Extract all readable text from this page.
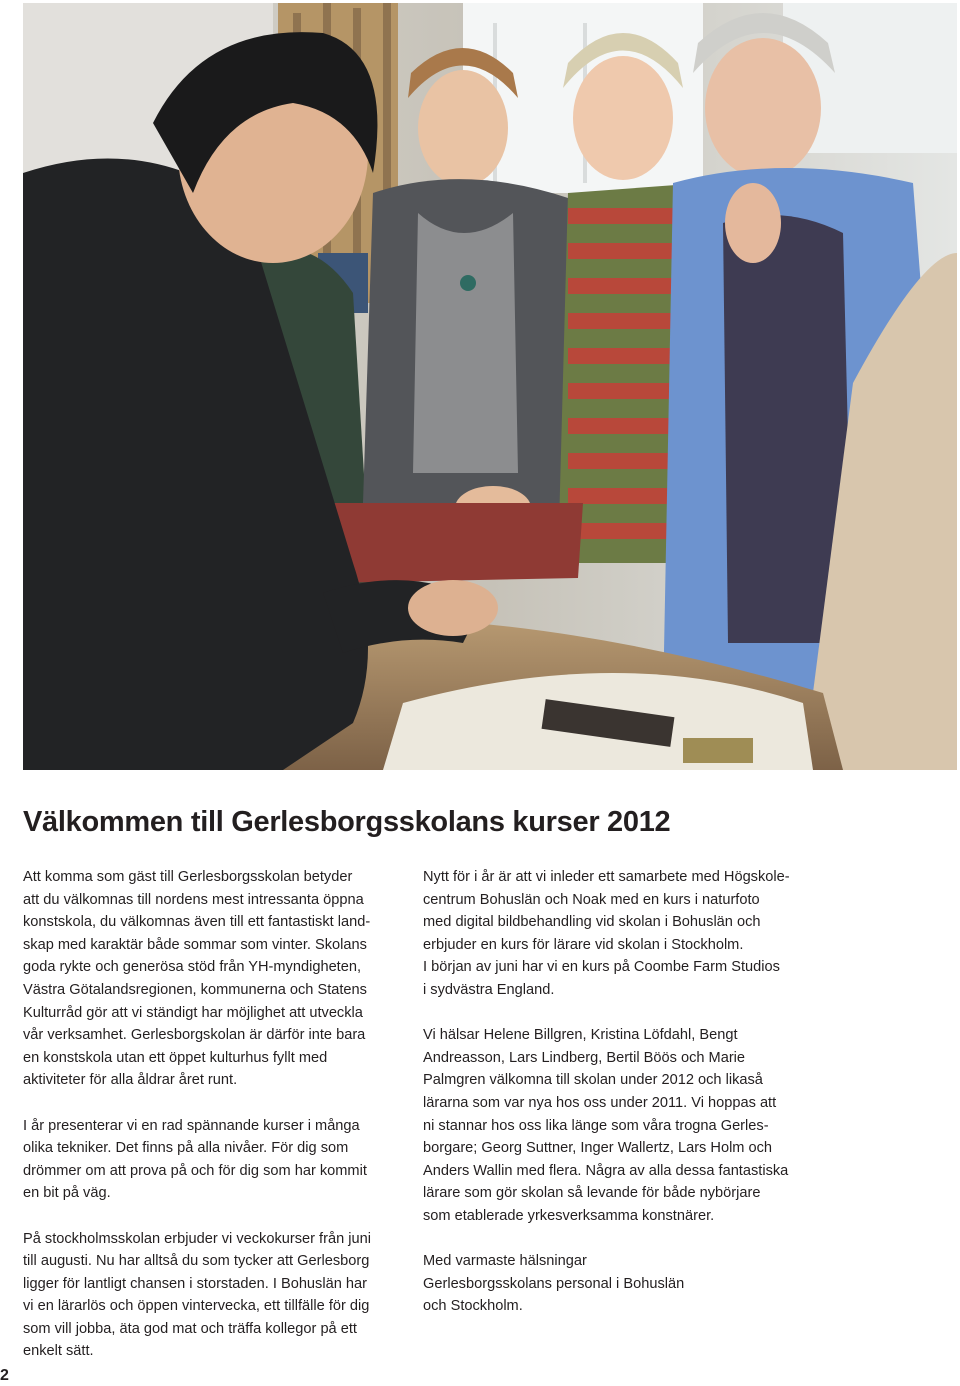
Välkommen till Gerlesborgsskolans kurser 2012

Att komma som gäst till Gerlesborgsskolan betyder
att du välkomnas till nordens mest intressanta öppna
konstskola, du välkomnas även till ett fantastiskt land-
skap med karaktär både sommar som vinter. Skolans
goda rykte och generösa stöd från YH-myndigheten,
Västra Götalandsregionen, kommunerna och Statens
Kulturråd gör att vi ständigt har möjlighet att utveckla
vår verksamhet. Gerlesborgskolan är därför inte bara
en konstskola utan ett öppet kulturhus fyllt med
aktiviteter för alla åldrar året runt.

I år presenterar vi en rad spännande kurser i många
olika tekniker. Det finns på alla nivåer. För dig som
drömmer om att prova på och för dig som har kommit
en bit på väg.

På stockholmsskolan erbjuder vi veckokurser från juni
till augusti. Nu har alltså du som tycker att Gerlesborg
ligger för lantligt chansen i storstaden. I Bohuslän har
vi en lärarlös och öppen vintervecka, ett tillfälle för dig
som vill jobba, äta god mat och träffa kollegor på ett
enkelt sätt.

Nytt för i år är att vi inleder ett samarbete med Högskole-
centrum Bohuslän och Noak med en kurs i naturfoto
med digital bildbehandling vid skolan i Bohuslän och
erbjuder en kurs för lärare vid skolan i Stockholm.
I början av juni har vi en kurs på Coombe Farm Studios
i sydvästra England.

Vi hälsar Helene Billgren, Kristina Löfdahl, Bengt
Andreasson, Lars Lindberg, Bertil Böös och Marie
Palmgren välkomna till skolan under 2012 och likaså
lärarna som var nya hos oss under 2011. Vi hoppas att
ni stannar hos oss lika länge som våra trogna Gerles-
borgare; Georg Suttner, Inger Wallertz, Lars Holm och
Anders Wallin med flera. Några av alla dessa fantastiska
lärare som gör skolan så levande för både nybörjare
som etablerade yrkesverksamma konstnärer.

Med varmaste hälsningar
Gerlesborgsskolans personal i Bohuslän
och Stockholm.

2
